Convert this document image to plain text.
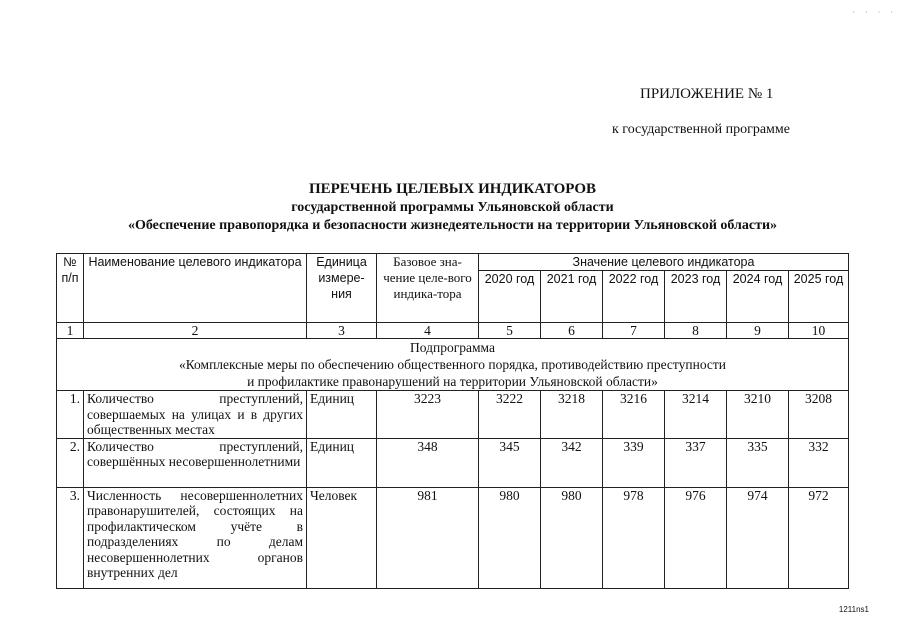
· · · ·
ПРИЛОЖЕНИЕ № 1
к государственной программе
ПЕРЕЧЕНЬ ЦЕЛЕВЫХ ИНДИКАТОРОВ
государственной программы Ульяновской области
«Обеспечение правопорядка и безопасности жизнедеятельности на территории Ульяновской области»
№ п/п	Наименование целевого индикатора	Единица измере-ния	Базовое зна-чение целе-вого индика-тора	Значение целевого индикатора					
				2020 год	2021 год	2022 год	2023 год	2024 год	2025 год
1	2	3	4	5	6	7	8	9	10

Подпрограмма
«Комплексные меры по обеспечению общественного порядка, противодействию преступности
и профилактике правонарушений на территории Ульяновской области»									

1.	Количество преступлений, совершаемых на улицах и в других общественных местах	Единиц	3223	3222	3218	3216	3214	3210	3208
2.	Количество преступлений, совершённых несовершеннолетними	Единиц	348	345	342	339	337	335	332
3.	Численность несовершеннолетних правонарушителей, состоящих на профилактическом учёте в подразделениях по делам несовершеннолетних органов внутренних дел	Человек	981	980	980	978	976	974	972
1211ns1
